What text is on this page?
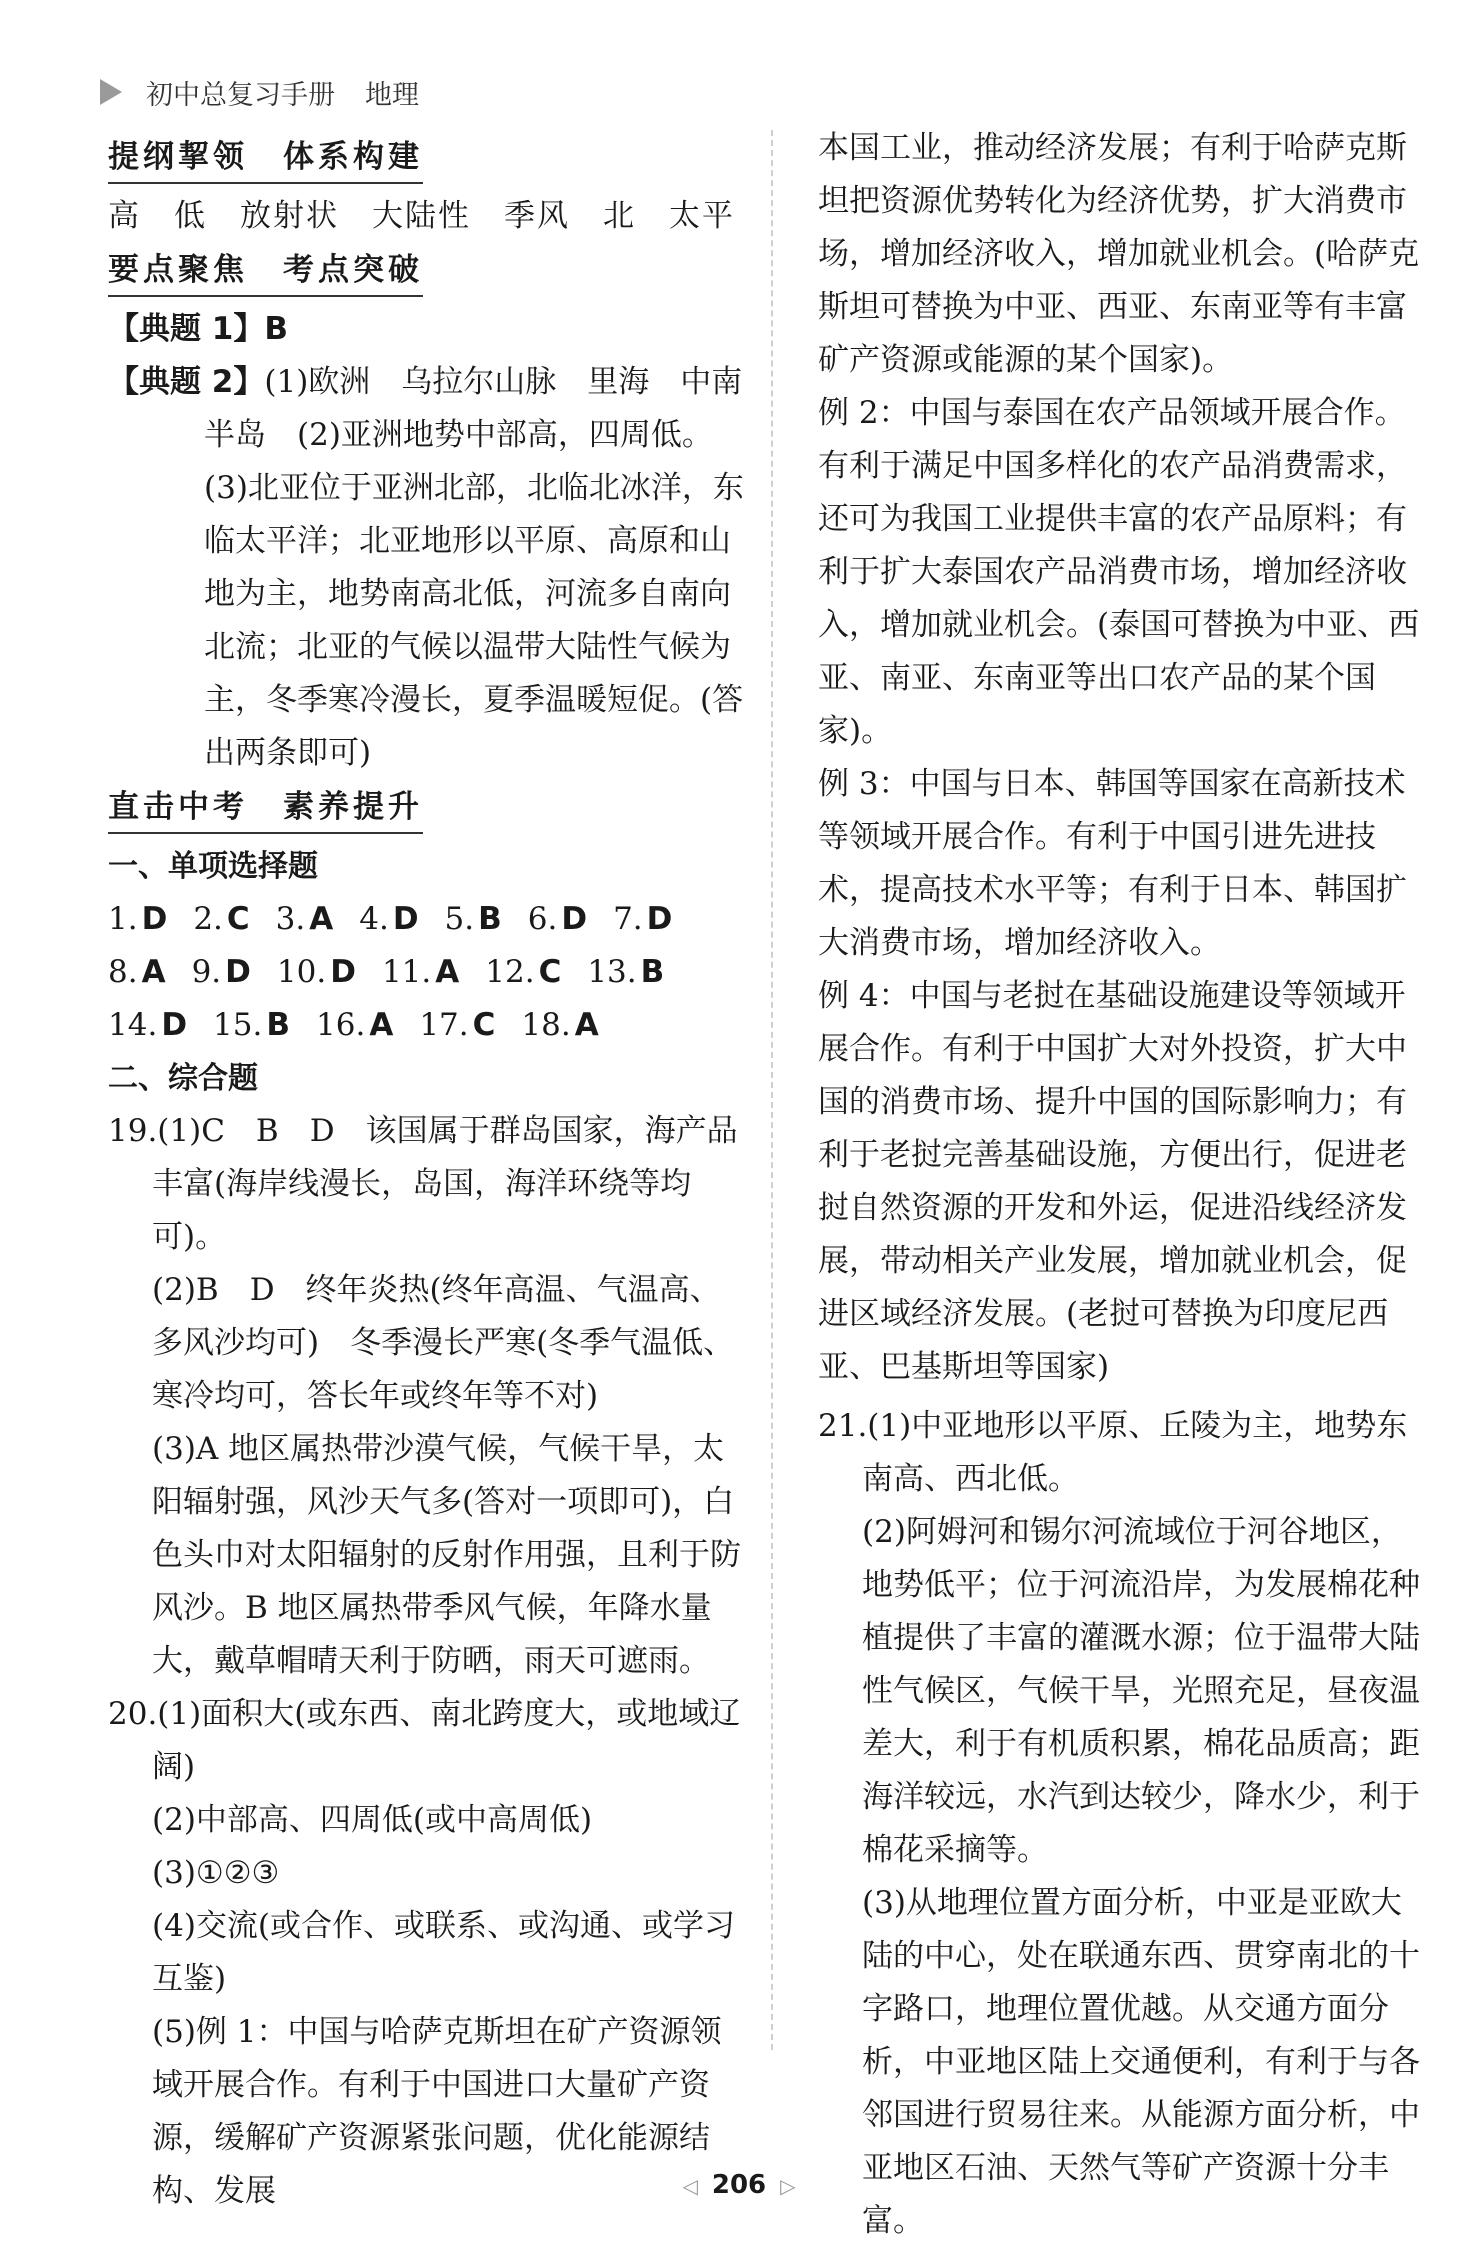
初中总复习手册 地理
提纲挈领　体系构建

高　低　放射状　大陆性　季风　北　太平

要点聚焦　考点突破

【典题 1】B

【典题 2】(1)欧洲　乌拉尔山脉　里海　中南半岛　(2)亚洲地势中部高，四周低。

(3)北亚位于亚洲北部，北临北冰洋，东临太平洋；北亚地形以平原、高原和山地为主，地势南高北低，河流多自南向北流；北亚的气候以温带大陆性气候为主，冬季寒冷漫长，夏季温暖短促。(答出两条即可)

直击中考　素养提升

一、单项选择题

1. D 2. C 3. A 4. D 5. B 6. D 7. D
8. A 9. D 10. D 11. A 12. C 13. B
14. D 15. B 16. A 17. C 18. A

二、综合题

19.(1)C　B　D　该国属于群岛国家，海产品丰富(海岸线漫长，岛国，海洋环绕等均可)。

(2)B　D　终年炎热(终年高温、气温高、多风沙均可)　冬季漫长严寒(冬季气温低、寒冷均可，答长年或终年等不对)

(3)A 地区属热带沙漠气候，气候干旱，太阳辐射强，风沙天气多(答对一项即可)，白色头巾对太阳辐射的反射作用强，且利于防风沙。B 地区属热带季风气候，年降水量大，戴草帽晴天利于防晒，雨天可遮雨。

20.(1)面积大(或东西、南北跨度大，或地域辽阔)

(2)中部高、四周低(或中高周低)

(3)①②③

(4)交流(或合作、或联系、或沟通、或学习互鉴)

(5)例 1：中国与哈萨克斯坦在矿产资源领域开展合作。有利于中国进口大量矿产资源，缓解矿产资源紧张问题，优化能源结构、发展

本国工业，推动经济发展；有利于哈萨克斯坦把资源优势转化为经济优势，扩大消费市场，增加经济收入，增加就业机会。(哈萨克斯坦可替换为中亚、西亚、东南亚等有丰富矿产资源或能源的某个国家)。

例 2：中国与泰国在农产品领域开展合作。有利于满足中国多样化的农产品消费需求，还可为我国工业提供丰富的农产品原料；有利于扩大泰国农产品消费市场，增加经济收入，增加就业机会。(泰国可替换为中亚、西亚、南亚、东南亚等出口农产品的某个国家)。

例 3：中国与日本、韩国等国家在高新技术等领域开展合作。有利于中国引进先进技术，提高技术水平等；有利于日本、韩国扩大消费市场，增加经济收入。

例 4：中国与老挝在基础设施建设等领域开展合作。有利于中国扩大对外投资，扩大中国的消费市场、提升中国的国际影响力；有利于老挝完善基础设施，方便出行，促进老挝自然资源的开发和外运，促进沿线经济发展，带动相关产业发展，增加就业机会，促进区域经济发展。(老挝可替换为印度尼西亚、巴基斯坦等国家)

21.(1)中亚地形以平原、丘陵为主，地势东南高、西北低。

(2)阿姆河和锡尔河流域位于河谷地区，地势低平；位于河流沿岸，为发展棉花种植提供了丰富的灌溉水源；位于温带大陆性气候区，气候干旱，光照充足，昼夜温差大，利于有机质积累，棉花品质高；距海洋较远，水汽到达较少，降水少，利于棉花采摘等。

(3)从地理位置方面分析，中亚是亚欧大陆的中心，处在联通东西、贯穿南北的十字路口，地理位置优越。从交通方面分析，中亚地区陆上交通便利，有利于与各邻国进行贸易往来。从能源方面分析，中亚地区石油、天然气等矿产资源十分丰富。

◁ 206 ▷
